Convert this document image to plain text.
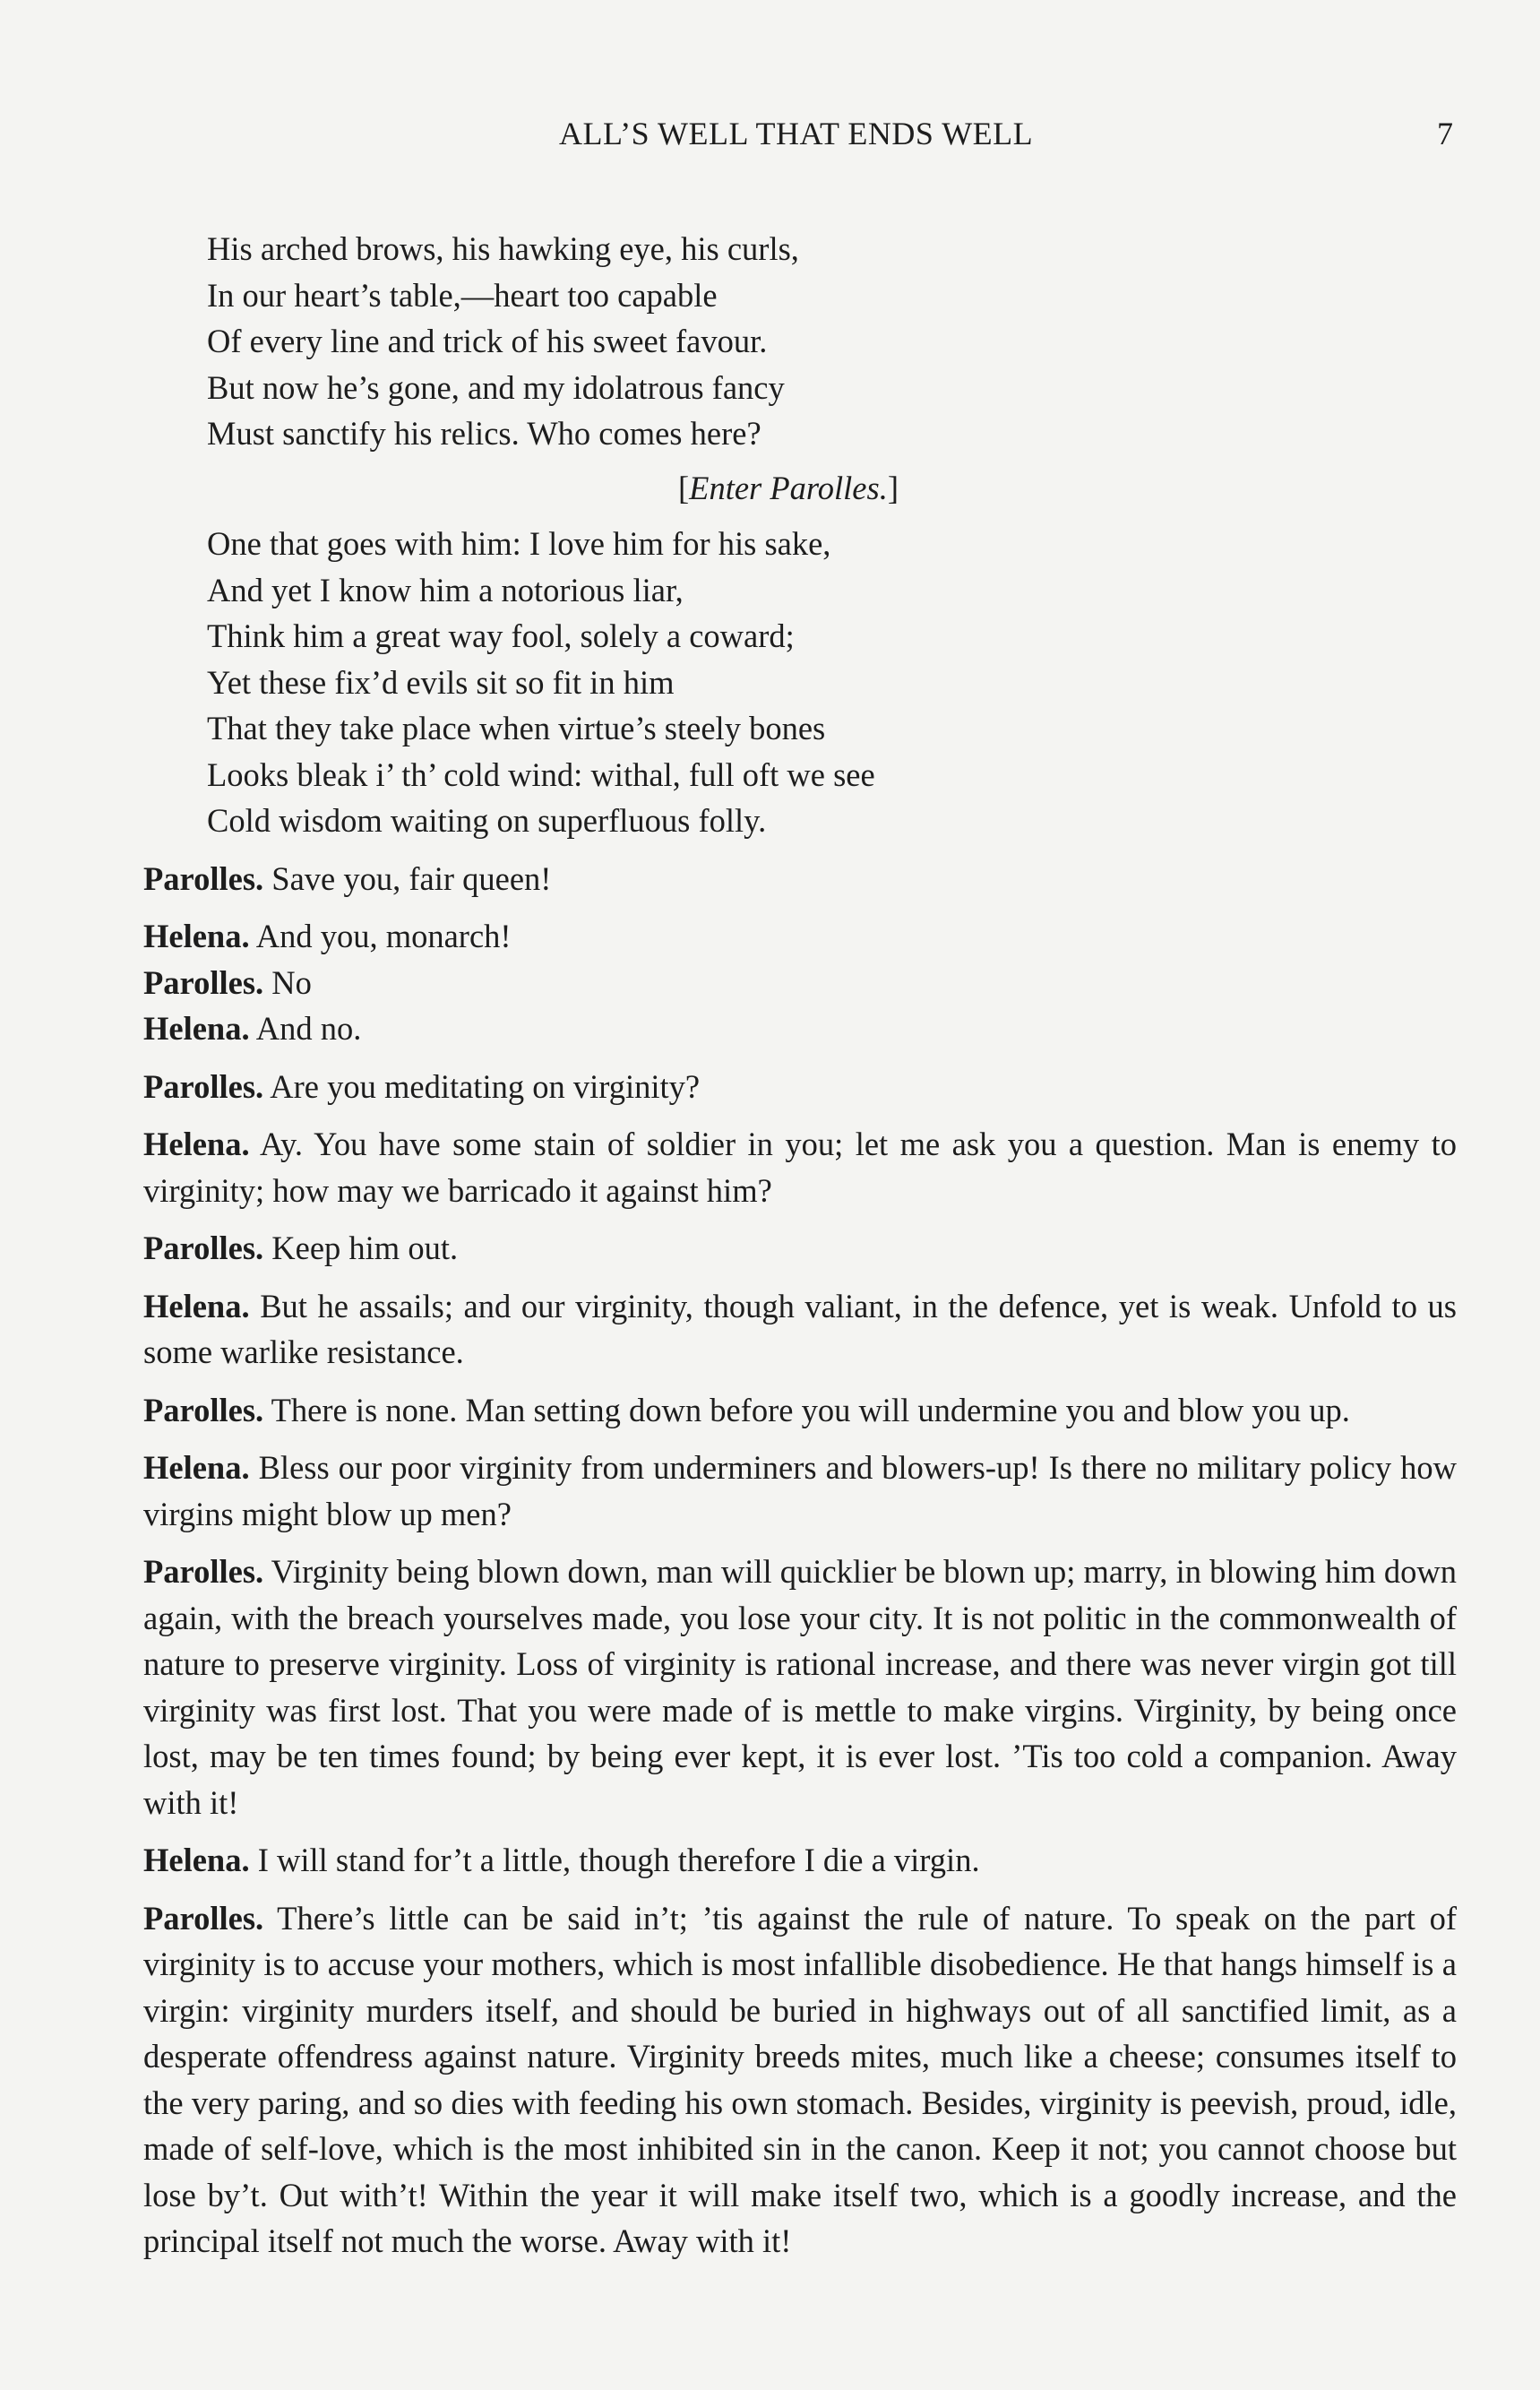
ALL’S WELL THAT ENDS WELL	7
His arched brows, his hawking eye, his curls,
In our heart’s table,—heart too capable
Of every line and trick of his sweet favour.
But now he’s gone, and my idolatrous fancy
Must sanctify his relics. Who comes here?
[Enter Parolles.]
One that goes with him: I love him for his sake,
And yet I know him a notorious liar,
Think him a great way fool, solely a coward;
Yet these fix’d evils sit so fit in him
That they take place when virtue’s steely bones
Looks bleak i’ th’ cold wind: withal, full oft we see
Cold wisdom waiting on superfluous folly.

Parolles. Save you, fair queen!

Helena. And you, monarch!

Parolles. No

Helena. And no.

Parolles. Are you meditating on virginity?

Helena. Ay. You have some stain of soldier in you; let me ask you a question. Man is enemy to virginity; how may we barricado it against him?

Parolles. Keep him out.

Helena. But he assails; and our virginity, though valiant, in the defence, yet is weak. Unfold to us some warlike resistance.

Parolles. There is none. Man setting down before you will undermine you and blow you up.

Helena. Bless our poor virginity from underminers and blowers-up! Is there no military policy how virgins might blow up men?

Parolles. Virginity being blown down, man will quicklier be blown up; marry, in blowing him down again, with the breach yourselves made, you lose your city. It is not politic in the commonwealth of nature to preserve virginity. Loss of virginity is rational increase, and there was never virgin got till virginity was first lost. That you were made of is mettle to make virgins. Virginity, by being once lost, may be ten times found; by being ever kept, it is ever lost. ’Tis too cold a companion. Away with it!

Helena. I will stand for’t a little, though therefore I die a virgin.

Parolles. There’s little can be said in’t; ’tis against the rule of nature. To speak on the part of virginity is to accuse your mothers, which is most infallible disobedience. He that hangs himself is a virgin: virginity murders itself, and should be buried in highways out of all sanctified limit, as a desperate offendress against nature. Virginity breeds mites, much like a cheese; consumes itself to the very paring, and so dies with feeding his own stomach. Besides, virginity is peevish, proud, idle, made of self-love, which is the most inhibited sin in the canon. Keep it not; you cannot choose but lose by’t. Out with’t! Within the year it will make itself two, which is a goodly increase, and the principal itself not much the worse. Away with it!
